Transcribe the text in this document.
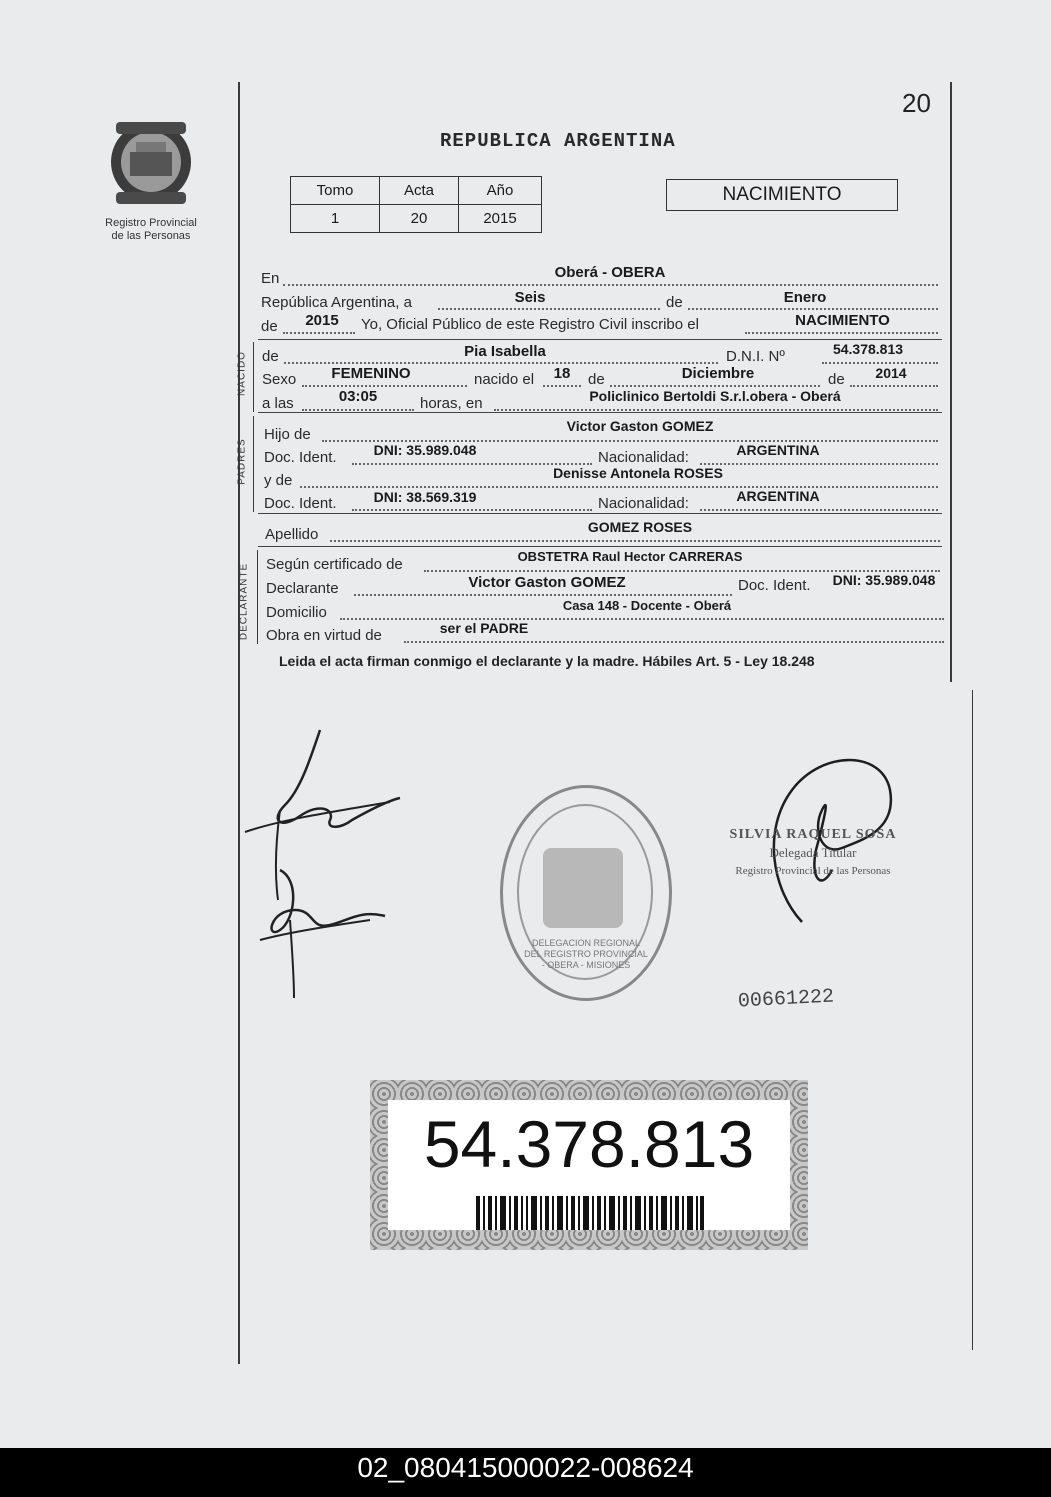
20
Registro Provincial
de las Personas
REPUBLICA ARGENTINA
Tomo	Acta	Año
1	20	2015
NACIMIENTO
En	Oberá - OBERA
República Argentina, a	Seis	de	Enero
de	2015	Yo, Oficial Público de este Registro Civil inscribo el	NACIMIENTO
NACIDO de	Pia Isabella	D.N.I. Nº	54.378.813
Sexo	FEMENINO	nacido el	18	de	Diciembre	de	2014
a las	03:05	horas, en	Policlinico Bertoldi S.r.l.obera - Oberá
PADRES
Hijo de	Victor Gaston GOMEZ
Doc. Ident.	DNI: 35.989.048	Nacionalidad:	ARGENTINA
y de	Denisse Antonela ROSES
Doc. Ident.	DNI: 38.569.319	Nacionalidad:	ARGENTINA
Apellido	GOMEZ ROSES
DECLARANTE Según certificado de	OBSTETRA Raul Hector CARRERAS
Declarante	Victor Gaston GOMEZ	Doc. Ident.	DNI: 35.989.048
Domicilio	Casa 148 - Docente - Oberá
Obra en virtud de	ser el PADRE
Leida el acta firman conmigo el declarante y la madre. Hábiles Art. 5 - Ley 18.248
SILVIA RAQUEL SOSA
Delegada Titular
Registro Provincial de las Personas
DELEGACION REGIONAL DEL REGISTRO PROVINCIAL - OBERA - MISIONES
00661222
54.378.813
02_080415000022-008624
